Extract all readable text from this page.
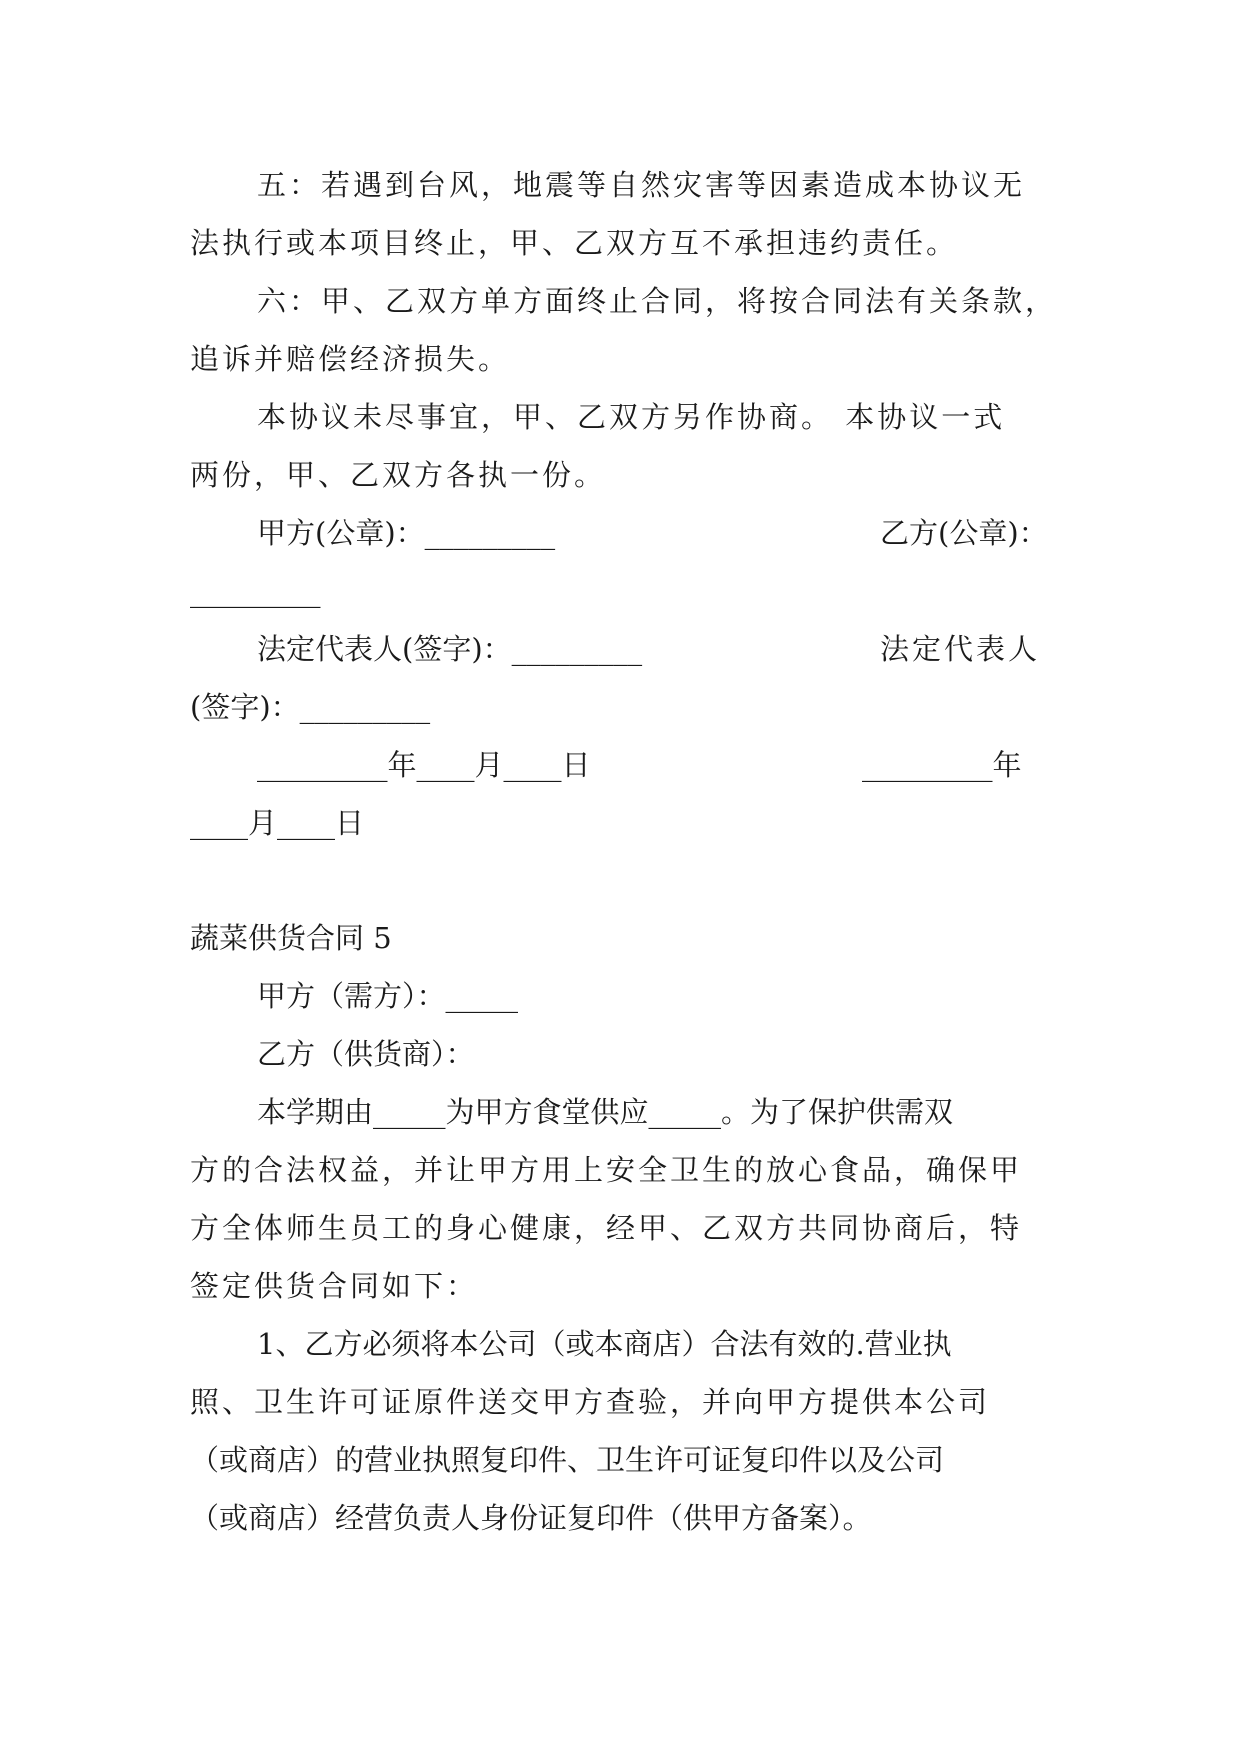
五：若遇到台风，地震等自然灾害等因素造成本协议无
法执行或本项目终止，甲、乙双方互不承担违约责任。
六：甲、乙双方单方面终止合同，将按合同法有关条款，
追诉并赔偿经济损失。
本协议未尽事宜，甲、乙双方另作协商。 本协议一式
两份，甲、乙双方各执一份。
甲方(公章)：_________	乙方(公章)：
_________
法定代表人(签字)：_________	法定代表人
(签字)：_________
_________年____月____日	_________年
____月____日
蔬菜供货合同 5
甲方（需方）：_____
乙方（供货商）：
本学期由_____为甲方食堂供应_____。为了保护供需双
方的合法权益，并让甲方用上安全卫生的放心食品，确保甲
方全体师生员工的身心健康，经甲、乙双方共同协商后，特
签定供货合同如下：
1、乙方必须将本公司（或本商店）合法有效的.营业执
照、卫生许可证原件送交甲方查验，并向甲方提供本公司
（或商店）的营业执照复印件、卫生许可证复印件以及公司
（或商店）经营负责人身份证复印件（供甲方备案）。
